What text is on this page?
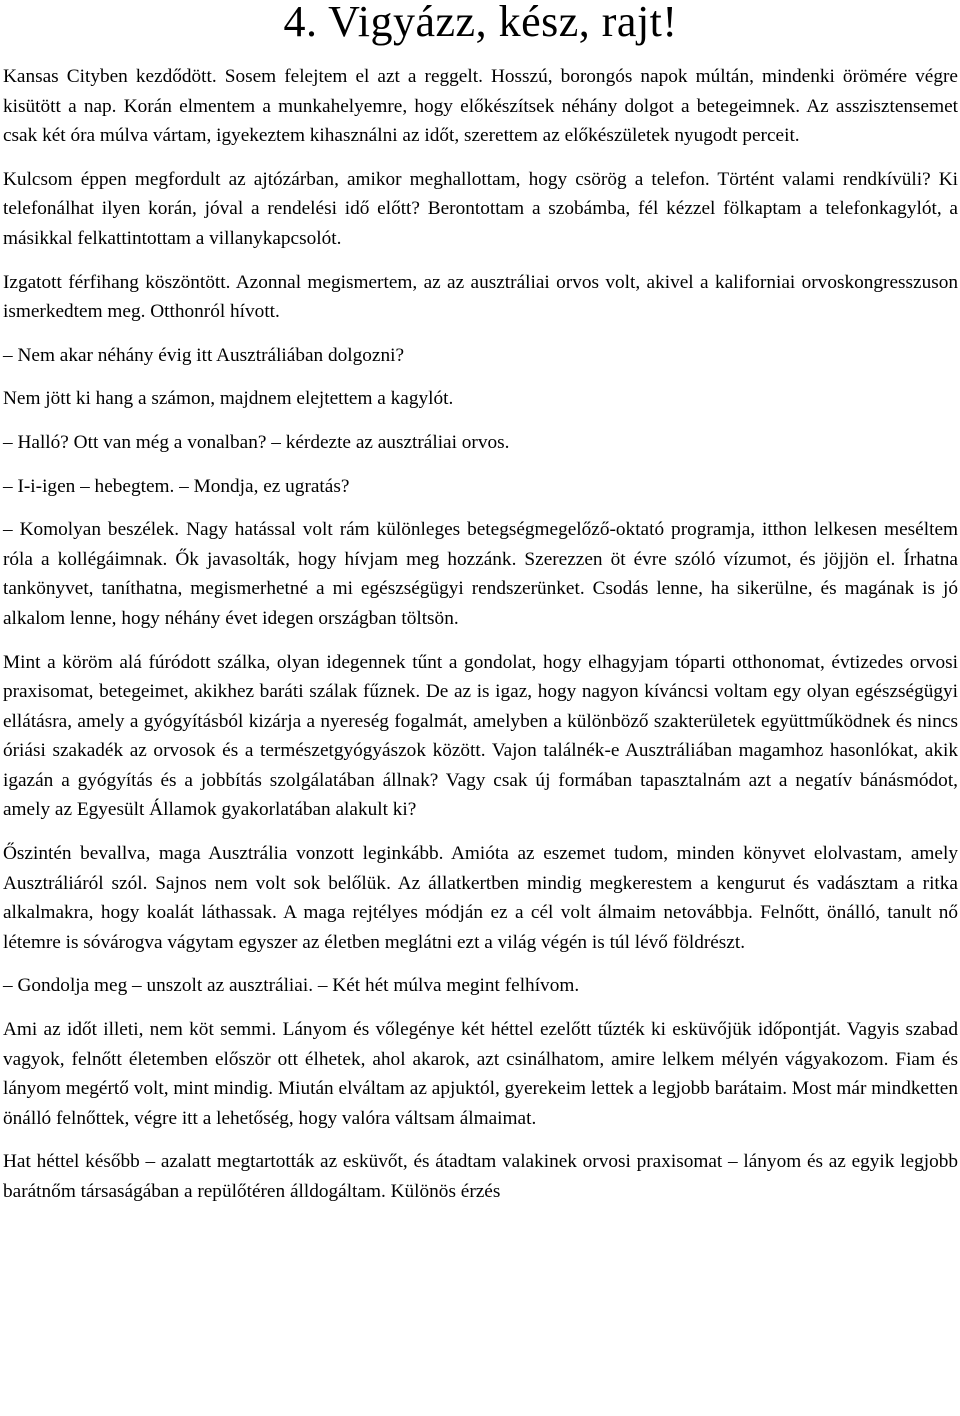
4. Vigyázz, kész, rajt!

Kansas Cityben kezdődött. Sosem felejtem el azt a reggelt. Hosszú, borongós napok múltán, mindenki örömére végre kisütött a nap. Korán elmentem a munkahelyemre, hogy előkészítsek néhány dolgot a betegeimnek. Az asszisztensemet csak két óra múlva vártam, igyekeztem kihasználni az időt, szerettem az előkészületek nyugodt perceit.

Kulcsom éppen megfordult az ajtózárban, amikor meghallottam, hogy csörög a telefon. Történt valami rendkívüli? Ki telefonálhat ilyen korán, jóval a rendelési idő előtt? Berontottam a szobámba, fél kézzel fölkaptam a telefonkagylót, a másikkal felkattintottam a villanykapcsolót.

Izgatott férfihang köszöntött. Azonnal megismertem, az az ausztráliai orvos volt, akivel a kaliforniai orvoskongresszuson ismerkedtem meg. Otthonról hívott.

– Nem akar néhány évig itt Ausztráliában dolgozni?

Nem jött ki hang a számon, majdnem elejtettem a kagylót.

– Halló? Ott van még a vonalban? – kérdezte az ausztráliai orvos.

– I-i-igen – hebegtem. – Mondja, ez ugratás?

– Komolyan beszélek. Nagy hatással volt rám különleges betegségmegelőző-oktató programja, itthon lelkesen meséltem róla a kollégáimnak. Ők javasolták, hogy hívjam meg hozzánk. Szerezzen öt évre szóló vízumot, és jöjjön el. Írhatna tankönyvet, taníthatna, megismerhetné a mi egészségügyi rendszerünket. Csodás lenne, ha sikerülne, és magának is jó alkalom lenne, hogy néhány évet idegen országban töltsön.

Mint a köröm alá fúródott szálka, olyan idegennek tűnt a gondolat, hogy elhagyjam tóparti otthonomat, évtizedes orvosi praxisomat, betegeimet, akikhez baráti szálak fűznek. De az is igaz, hogy nagyon kíváncsi voltam egy olyan egészségügyi ellátásra, amely a gyógyításból kizárja a nyereség fogalmát, amelyben a különböző szakterületek együttműködnek és nincs óriási szakadék az orvosok és a természetgyógyászok között. Vajon találnék-e Ausztráliában magamhoz hasonlókat, akik igazán a gyógyítás és a jobbítás szolgálatában állnak? Vagy csak új formában tapasztalnám azt a negatív bánásmódot, amely az Egyesült Államok gyakorlatában alakult ki?

Őszintén bevallva, maga Ausztrália vonzott leginkább. Amióta az eszemet tudom, minden könyvet elolvastam, amely Ausztráliáról szól. Sajnos nem volt sok belőlük. Az állatkertben mindig megkerestem a kengurut és vadásztam a ritka alkalmakra, hogy koalát láthassak. A maga rejtélyes módján ez a cél volt álmaim netovábbja. Felnőtt, önálló, tanult nő létemre is sóvárogva vágytam egyszer az életben meglátni ezt a világ végén is túl lévő földrészt.

– Gondolja meg – unszolt az ausztráliai. – Két hét múlva megint felhívom.

Ami az időt illeti, nem köt semmi. Lányom és vőlegénye két héttel ezelőtt tűzték ki esküvőjük időpontját. Vagyis szabad vagyok, felnőtt életemben először ott élhetek, ahol akarok, azt csinálhatom, amire lelkem mélyén vágyakozom. Fiam és lányom megértő volt, mint mindig. Miután elváltam az apjuktól, gyerekeim lettek a legjobb barátaim. Most már mindketten önálló felnőttek, végre itt a lehetőség, hogy valóra váltsam álmaimat.

Hat héttel később – azalatt megtartották az esküvőt, és átadtam valakinek orvosi praxisomat – lányom és az egyik legjobb barátnőm társaságában a repülőtéren álldogáltam. Különös érzés
